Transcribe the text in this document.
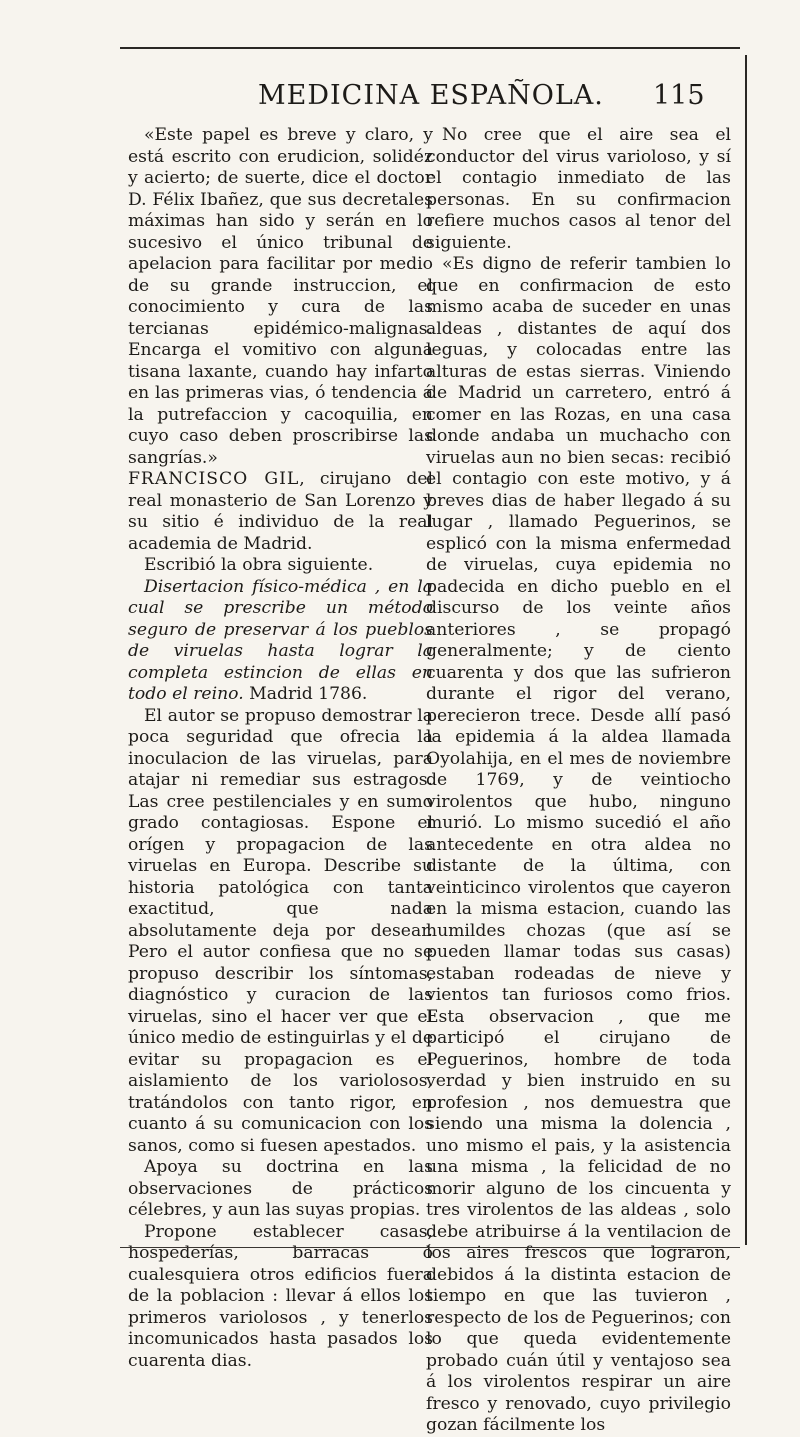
MEDICINA ESPAÑOLA. 115

«Este papel es breve y claro, y está escrito con erudicion, solidéz y acierto; de suerte, dice el doctor D. Félix Ibañez, que sus decretales máximas han sido y serán en lo sucesivo el único tribunal de apelacion para facilitar por medio de su grande instruccion, el conocimiento y cura de las tercianas epidémico-malignas. Encarga el vomitivo con alguna tisana laxante, cuando hay infarto en las primeras vias, ó tendencia á la putrefaccion y cacoquilia, en cuyo caso deben proscribirse las sangrías.»

FRANCISCO GIL, cirujano del real monasterio de San Lorenzo y su sitio é individuo de la real academia de Madrid.

Escribió la obra siguiente.

Disertacion físico-médica , en la cual se prescribe un método seguro de preservar á los pueblos de viruelas hasta lograr la completa estincion de ellas en todo el reino. Madrid 1786.

El autor se propuso demostrar la poca seguridad que ofrecia la inoculacion de las viruelas, para atajar ni remediar sus estragos. Las cree pestilenciales y en sumo grado contagiosas. Espone el orígen y propagacion de las viruelas en Europa. Describe su historia patológica con tanta exactitud, que nada absolutamente deja por desear. Pero el autor confiesa que no se propuso describir los síntomas, diagnóstico y curacion de las viruelas, sino el hacer ver que el único medio de estinguirlas y el de evitar su propagacion es el aislamiento de los variolosos, tratándolos con tanto rigor, en cuanto á su comunicacion con los sanos, como si fuesen apestados.

Apoya su doctrina en las observaciones de prácticos célebres, y aun las suyas propias.

Propone establecer casas, hospederías, barracas ó cualesquiera otros edificios fuera de la poblacion : llevar á ellos los primeros variolosos , y tenerlos incomunicados hasta pasados los cuarenta dias.

No cree que el aire sea el conductor del virus varioloso, y sí el contagio inmediato de las personas. En su confirmacion refiere muchos casos al tenor del siguiente.

«Es digno de referir tambien lo que en confirmacion de esto mismo acaba de suceder en unas aldeas , distantes de aquí dos leguas, y colocadas entre las alturas de estas sierras. Viniendo de Madrid un carretero, entró á comer en las Rozas, en una casa donde andaba un muchacho con viruelas aun no bien secas: recibió el contagio con este motivo, y á breves dias de haber llegado á su lugar , llamado Peguerinos, se esplicó con la misma enfermedad de viruelas, cuya epidemia no padecida en dicho pueblo en el discurso de los veinte años anteriores , se propagó generalmente; y de ciento cuarenta y dos que las sufrieron durante el rigor del verano, perecieron trece. Desde allí pasó la epidemia á la aldea llamada Oyolahija, en el mes de noviembre de 1769, y de veintiocho virolentos que hubo, ninguno murió. Lo mismo sucedió el año antecedente en otra aldea no distante de la última, con veinticinco virolentos que cayeron en la misma estacion, cuando las humildes chozas (que así se pueden llamar todas sus casas) estaban rodeadas de nieve y vientos tan furiosos como frios. Esta observacion , que me participó el cirujano de Peguerinos, hombre de toda verdad y bien instruido en su profesion , nos demuestra que siendo una misma la dolencia , uno mismo el pais, y la asistencia una misma , la felicidad de no morir alguno de los cincuenta y tres virolentos de las aldeas , solo debe atribuirse á la ventilacion de los aires frescos que lograron, debidos á la distinta estacion de tiempo en que las tuvieron , respecto de los de Peguerinos; con lo que queda evidentemente probado cuán útil y ventajoso sea á los virolentos respirar un aire fresco y renovado, cuyo privilegio gozan fácilmente los
